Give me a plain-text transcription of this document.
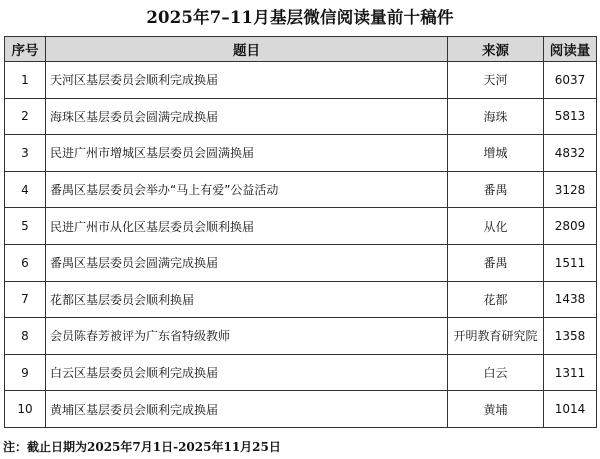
2025年7–11月基层微信阅读量前十稿件
序号	题目	来源	阅读量
1	天河区基层委员会顺利完成换届	天河	6037
2	海珠区基层委员会圆满完成换届	海珠	5813
3	民进广州市增城区基层委员会圆满换届	增城	4832
4	番禺区基层委员会举办“马上有爱”公益活动	番禺	3128
5	民进广州市从化区基层委员会顺利换届	从化	2809
6	番禺区基层委员会圆满完成换届	番禺	1511
7	花都区基层委员会顺利换届	花都	1438
8	会员陈春芳被评为广东省特级教师	开明教育研究院	1358
9	白云区基层委员会顺利完成换届	白云	1311
10	黄埔区基层委员会顺利完成换届	黄埔	1014
注：截止日期为2025年7月1日-2025年11月25日
